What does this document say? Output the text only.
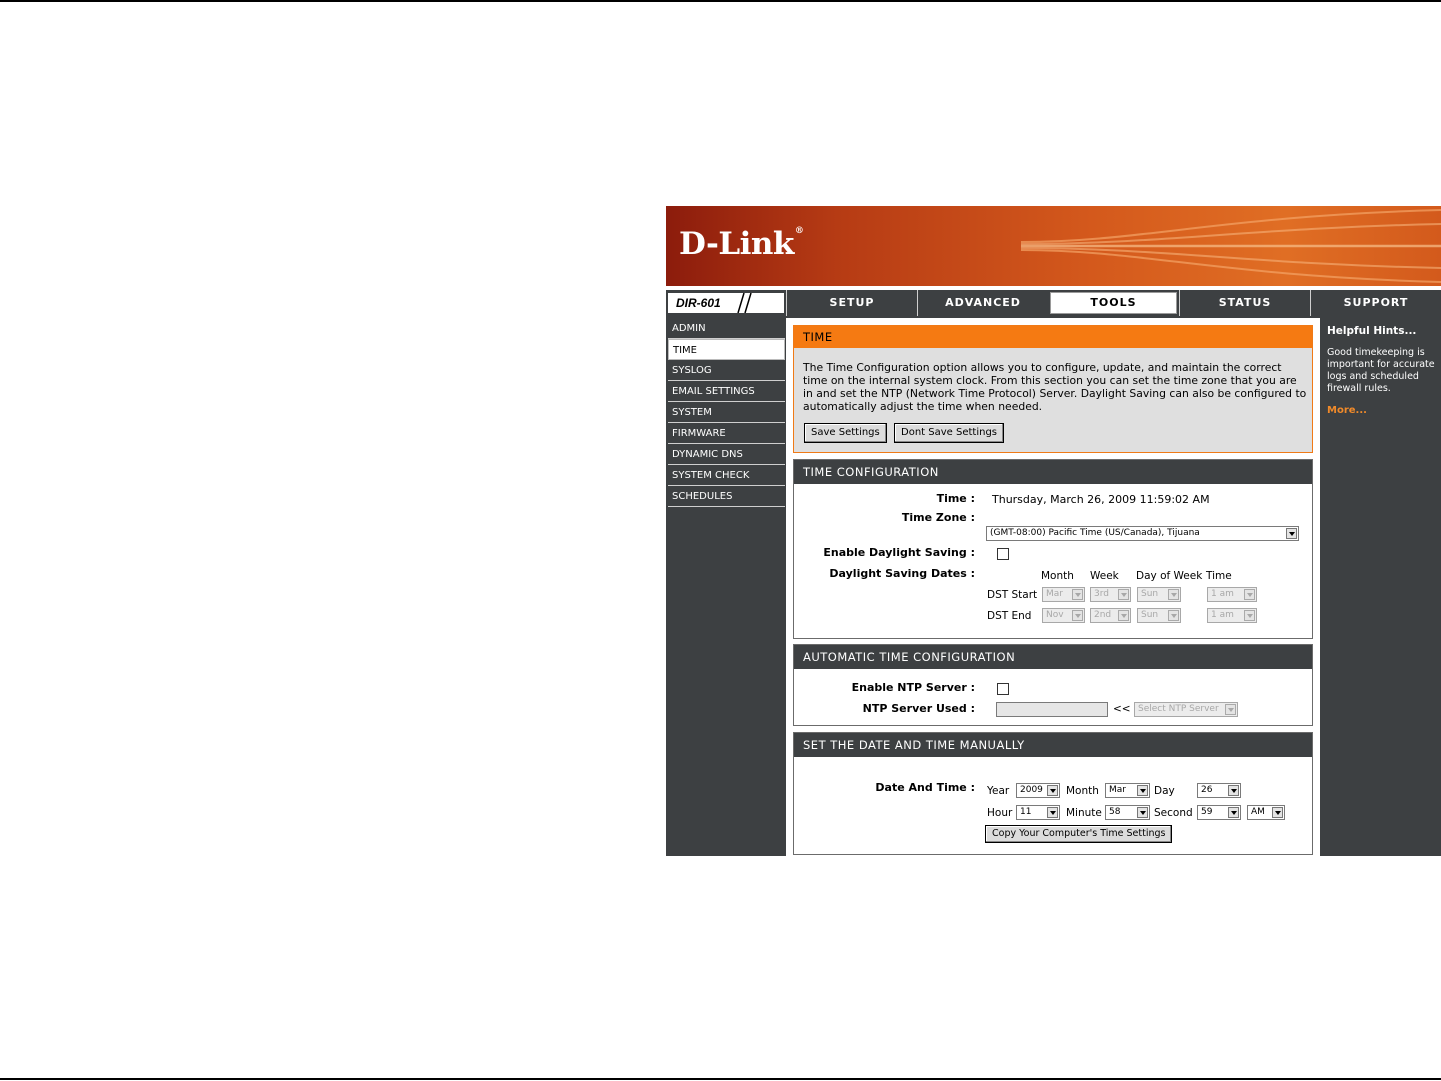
D-Link®
DIR-601	SETUP	ADVANCED	TOOLS	STATUS	SUPPORT
ADMIN
TIME
SYSLOG
EMAIL SETTINGS
SYSTEM
FIRMWARE
DYNAMIC DNS
SYSTEM CHECK
SCHEDULES
TIME
The Time Configuration option allows you to configure, update, and maintain the correct time on the internal system clock. From this section you can set the time zone that you are in and set the NTP (Network Time Protocol) Server. Daylight Saving can also be configured to automatically adjust the time when needed.
Save Settings	Dont Save Settings
TIME CONFIGURATION
Time : Thursday, March 26, 2009 11:59:02 AM
Time Zone :
(GMT-08:00) Pacific Time (US/Canada), Tijuana
Enable Daylight Saving :
Daylight Saving Dates :	Month Week Day of Week Time
DST Start Mar	3rd	Sun	1 am
DST End	Nov	2nd	Sun	1 am
AUTOMATIC TIME CONFIGURATION
Enable NTP Server :
NTP Server Used :	<< Select NTP Server
SET THE DATE AND TIME MANUALLY
Date And Time : Year	2009	Month	Mar	Day	26
Hour 11	Minute 58	Second 59	AM
Copy Your Computer's Time Settings
Helpful Hints...
Good timekeeping is important for accurate logs and scheduled firewall rules.
More...
